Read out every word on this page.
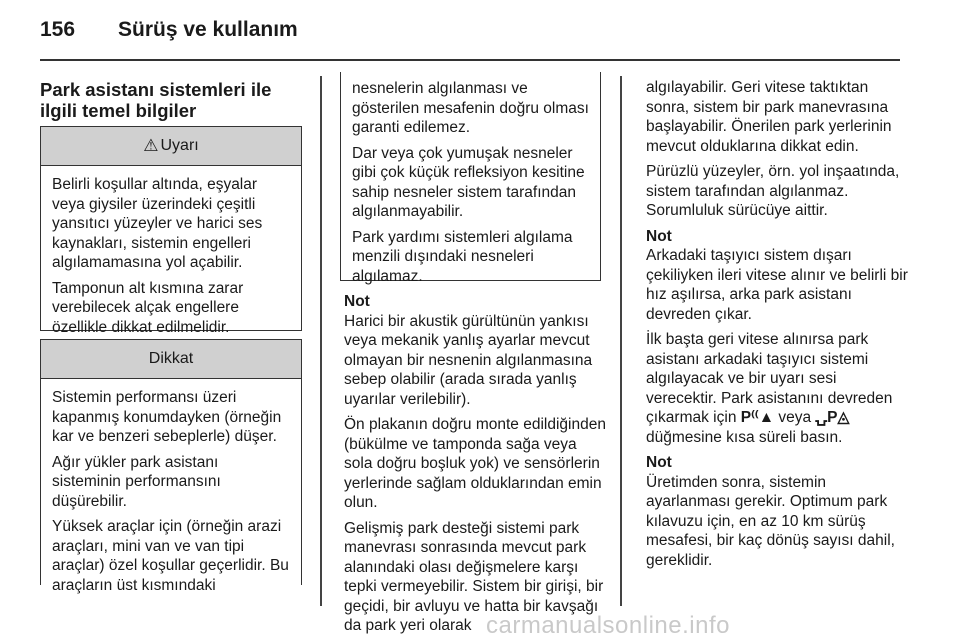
156 Sürüş ve kullanım
Park asistanı sistemleri ile ilgili temel bilgiler
⚠ Uyarı

Belirli koşullar altında, eşyalar veya giysiler üzerindeki çeşitli yansıtıcı yüzeyler ve harici ses kaynakları, sistemin engelleri algılamamasına yol açabilir.

Tamponun alt kısmına zarar verebilecek alçak engellere özellikle dikkat edilmelidir.

Dikkat

Sistemin performansı üzeri kapanmış konumdayken (örneğin kar ve benzeri sebeplerle) düşer.

Ağır yükler park asistanı sisteminin performansını düşürebilir.

Yüksek araçlar için (örneğin arazi araçları, mini van ve van tipi araçlar) özel koşullar geçerlidir. Bu araçların üst kısmındaki

nesnelerin algılanması ve gösterilen mesafenin doğru olması garanti edilemez.

Dar veya çok yumuşak nesneler gibi çok küçük refleksiyon kesitine sahip nesneler sistem tarafından algılanmayabilir.

Park yardımı sistemleri algılama menzili dışındaki nesneleri algılamaz.

Not

Harici bir akustik gürültünün yankısı veya mekanik yanlış ayarlar mevcut olmayan bir nesnenin algılanmasına sebep olabilir (arada sırada yanlış uyarılar verilebilir).

Ön plakanın doğru monte edildiğinden (bükülme ve tamponda sağa veya sola doğru boşluk yok) ve sensörlerin yerlerinde sağlam olduklarından emin olun.

Gelişmiş park desteği sistemi park manevrası sonrasında mevcut park alanındaki olası değişmelere karşı tepki vermeyebilir. Sistem bir girişi, bir geçidi, bir avluyu ve hatta bir kavşağı da park yeri olarak

algılayabilir. Geri vitese taktıktan sonra, sistem bir park manevrasına başlayabilir. Önerilen park yerlerinin mevcut olduklarına dikkat edin.

Pürüzlü yüzeyler, örn. yol inşaatında, sistem tarafından algılanmaz. Sorumluluk sürücüye aittir.

Not

Arkadaki taşıyıcı sistem dışarı çekiliyken ileri vitese alınır ve belirli bir hız aşılırsa, arka park asistanı devreden çıkar.

İlk başta geri vitese alınırsa park asistanı arkadaki taşıyıcı sistemi algılayacak ve bir uyarı sesi verecektir. Park asistanını devreden çıkarmak için P⁽⁽▲ veya ⍽P◬ düğmesine kısa süreli basın.

Not

Üretimden sonra, sistemin ayarlanması gerekir. Optimum park kılavuzu için, en az 10 km sürüş mesafesi, bir kaç dönüş sayısı dahil, gereklidir.

carmanualsonline.info
